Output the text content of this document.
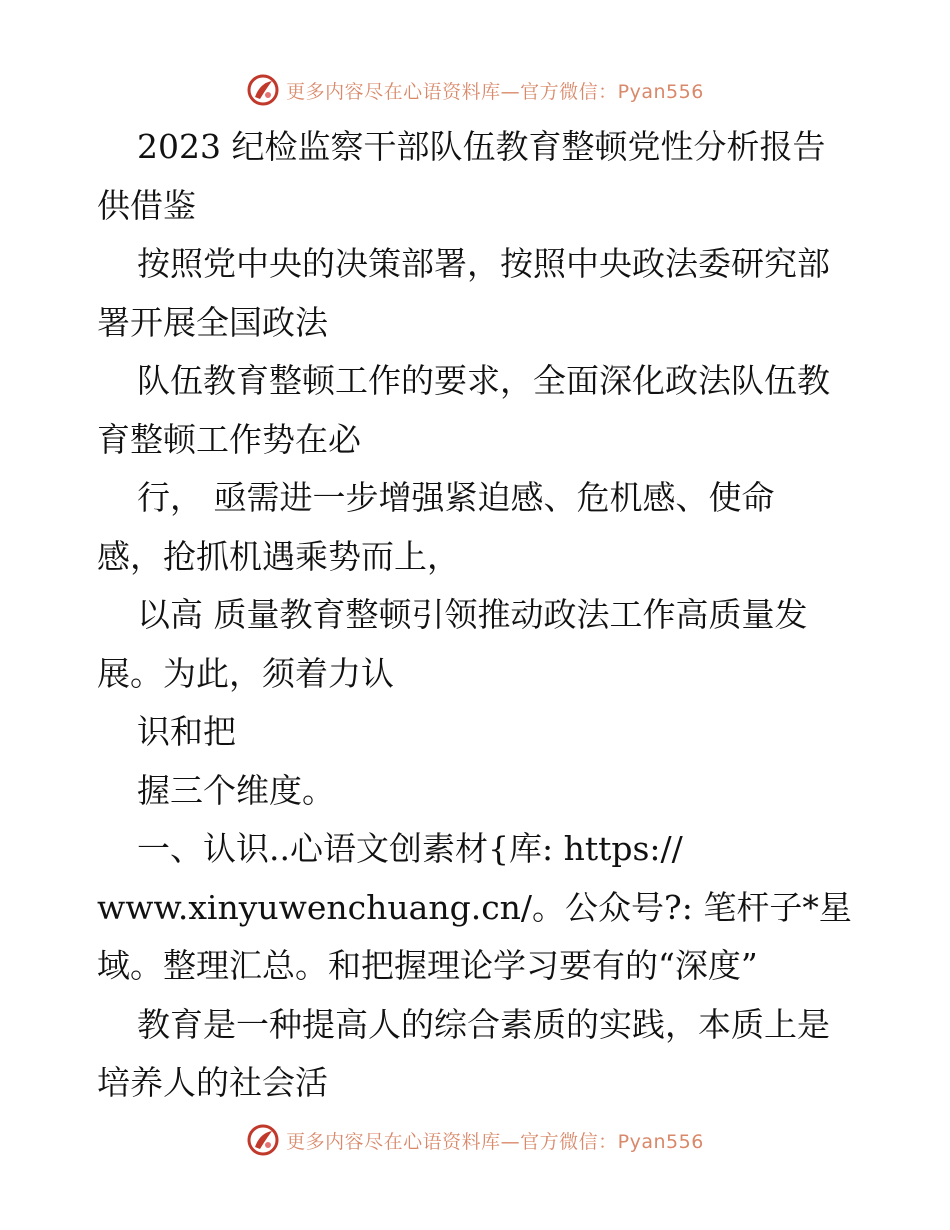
更多内容尽在心语资料库—官方微信：Pyan556
2023 纪检监察干部队伍教育整顿党性分析报告
供借鉴
按照党中央的决策部署，按照中央政法委研究部
署开展全国政法
队伍教育整顿工作的要求，全面深化政法队伍教
育整顿工作势在必
行， 亟需进一步增强紧迫感、危机感、使命
感，抢抓机遇乘势而上，
以高 质量教育整顿引领推动政法工作高质量发
展。为此，须着力认
识和把
握三个维度。
一、认识..心语文创素材{库: https://
www.xinyuwenchuang.cn/。公众号?: 笔杆子*星
域。整理汇总。和把握理论学习要有的“深度”
教育是一种提高人的综合素质的实践，本质上是
培养人的社会活
更多内容尽在心语资料库—官方微信：Pyan556
